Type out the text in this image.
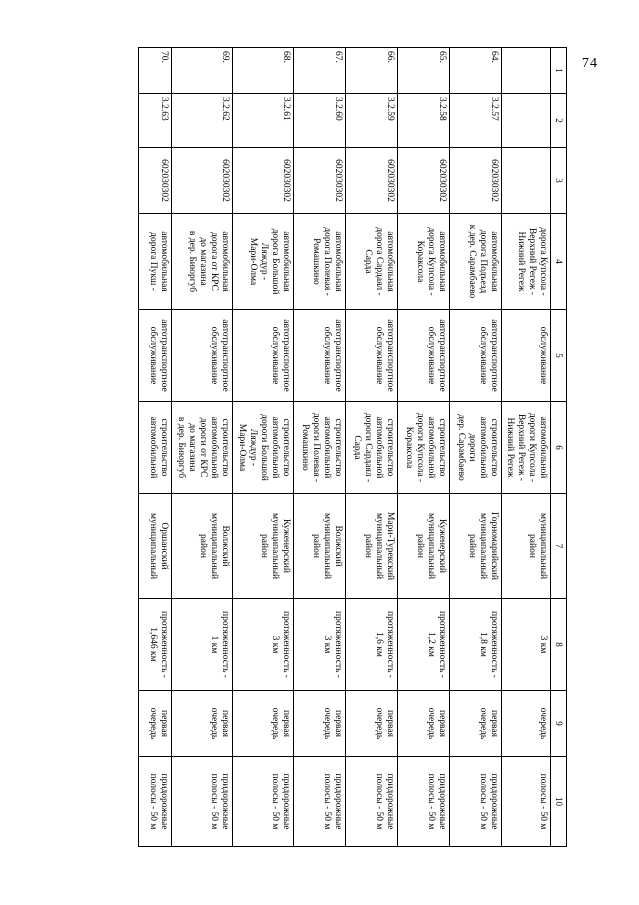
74
1	2	3	4	5	6	7	8	9	10
			дорога Купсола -
Верхний Регеж -
Нижний Регеж	обслуживание	автомобильной
дороги Купсола -
Верхний Регеж -
Нижний Регеж	муниципальный
район	3 км	очередь	полосы - 50 м
64.	3.2.57	602030302	автомобильная
дорога Подъезд
к дер. Сарамбаево	автотранспортное
обслуживание	строительство
автомобильной
дороги
дер. Сарамбаево	Горномарийский
муниципальный
район	протяженность -
1,8 км	первая
очередь	придорожные
полосы - 50 м
65.	3.2.58	602030302	автомобильная
дорога Купсола -
Кораксола	автотранспортное
обслуживание	строительство
автомобильной
дороги Купсола -
Кораксола	Куженерский
муниципальный
район	протяженность -
1,2 км	первая
очередь	придорожные
полосы - 50 м
66.	3.2.59	602030302	автомобильная
дорога Сардаял -
Сарда	автотранспортное
обслуживание	строительство
автомобильной
дороги Сардаял -
Сарда	Мари-Турекский
муниципальный
район	протяженность -
1,6 км	первая
очередь	придорожные
полосы - 50 м
67.	3.2.60	602030302	автомобильная
дорога Полевая -
Ромашкино	автотранспортное
обслуживание	строительство
автомобильной
дороги Полевая -
Ромашкино	Волжский
муниципальный
район	протяженность -
3 км	первая
очередь	придорожные
полосы - 50 м
68.	3.2.61	602030302	автомобильная
дорога Большой
Ляждур -
Мари-Олма	автотранспортное
обслуживание	строительство
автомобильной
дороги Большой
Ляждур -
Мари-Олма	Куженерский
муниципальный
район	протяженность -
3 км	первая
очередь	придорожные
полосы - 50 м
69.	3.2.62	602030302	автомобильная
дорога от КРС
до магазина
в дер. Биюргуб	автотранспортное
обслуживание	строительство
автомобильной
дороги от КРС
до магазина
в дер. Биюргуб	Волжский
муниципальный
район	протяженность -
1 км	первая
очередь	придорожные
полосы - 50 м
70.	3.2.63	602030302	автомобильная
дорога Пукш -	автотранспортное
обслуживание	строительство
автомобильной	Оршанский
муниципальный	протяженность -
1,646 км	первая
очередь	придорожные
полосы - 50 м
